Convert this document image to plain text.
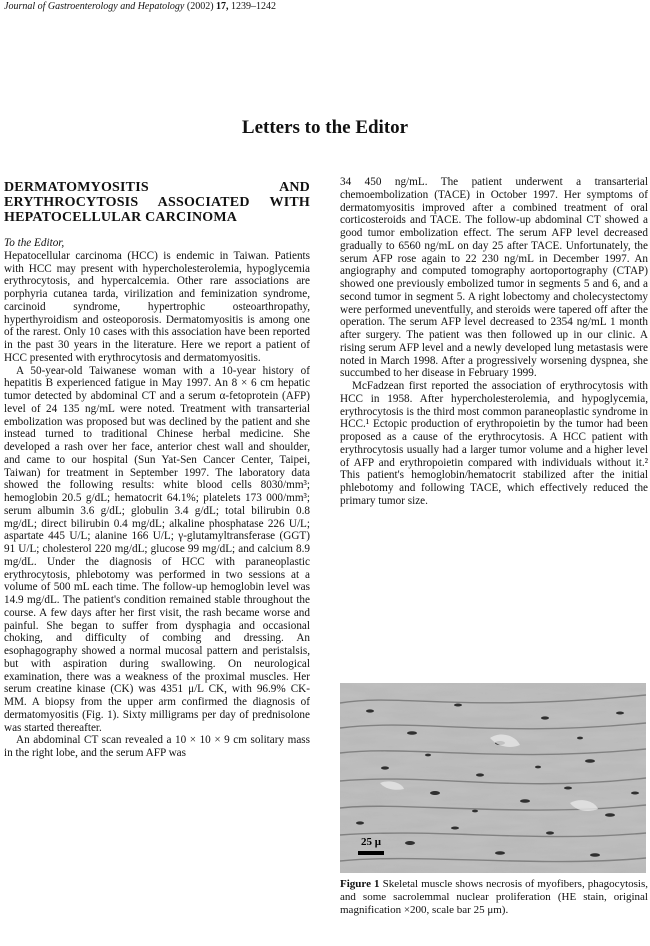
Journal of Gastroenterology and Hepatology (2002) 17, 1239–1242
Letters to the Editor
DERMATOMYOSITIS AND ERYTHROCYTOSIS ASSOCIATED WITH HEPATOCELLULAR CARCINOMA

To the Editor,

Hepatocellular carcinoma (HCC) is endemic in Taiwan. Patients with HCC may present with hypercholesterolemia, hypoglycemia erythrocytosis, and hypercalcemia. Other rare associations are porphyria cutanea tarda, virilization and feminization syndrome, carcinoid syndrome, hypertrophic osteoarthropathy, hyperthyroidism and osteoporosis. Dermatomyositis is among one of the rarest. Only 10 cases with this association have been reported in the past 30 years in the literature. Here we report a patient of HCC presented with erythrocytosis and dermatomyositis.

A 50-year-old Taiwanese woman with a 10-year history of hepatitis B experienced fatigue in May 1997. An 8 × 6 cm hepatic tumor detected by abdominal CT and a serum α-fetoprotein (AFP) level of 24 135 ng/mL were noted. Treatment with transarterial embolization was proposed but was declined by the patient and she instead turned to traditional Chinese herbal medicine. She developed a rash over her face, anterior chest wall and shoulder, and came to our hospital (Sun Yat-Sen Cancer Center, Taipei, Taiwan) for treatment in September 1997. The laboratory data showed the following results: white blood cells 8030/mm³; hemoglobin 20.5 g/dL; hematocrit 64.1%; platelets 173 000/mm³; serum albumin 3.6 g/dL; globulin 3.4 g/dL; total bilirubin 0.8 mg/dL; direct bilirubin 0.4 mg/dL; alkaline phosphatase 226 U/L; aspartate 445 U/L; alanine 166 U/L; γ-glutamyltransferase (GGT) 91 U/L; cholesterol 220 mg/dL; glucose 99 mg/dL; and calcium 8.9 mg/dL. Under the diagnosis of HCC with paraneoplastic erythrocytosis, phlebotomy was performed in two sessions at a volume of 500 mL each time. The follow-up hemoglobin level was 14.9 mg/dL. The patient's condition remained stable throughout the course. A few days after her first visit, the rash became worse and painful. She began to suffer from dysphagia and occasional choking, and difficulty of combing and dressing. An esophagography showed a normal mucosal pattern and peristalsis, but with aspiration during swallowing. On neurological examination, there was a weakness of the proximal muscles. Her serum creatine kinase (CK) was 4351 μ/L CK, with 96.9% CK-MM. A biopsy from the upper arm confirmed the diagnosis of dermatomyositis (Fig. 1). Sixty milligrams per day of prednisolone was started thereafter.

An abdominal CT scan revealed a 10 × 10 × 9 cm solitary mass in the right lobe, and the serum AFP was

34 450 ng/mL. The patient underwent a transarterial chemoembolization (TACE) in October 1997. Her symptoms of dermatomyositis improved after a combined treatment of oral corticosteroids and TACE. The follow-up abdominal CT showed a good tumor embolization effect. The serum AFP level decreased gradually to 6560 ng/mL on day 25 after TACE. Unfortunately, the serum AFP rose again to 22 230 ng/mL in December 1997. An angiography and computed tomography aortoportography (CTAP) showed one previously embolized tumor in segments 5 and 6, and a second tumor in segment 5. A right lobectomy and cholecystectomy were performed uneventfully, and steroids were tapered off after the operation. The serum AFP level decreased to 2354 ng/mL 1 month after surgery. The patient was then followed up in our clinic. A rising serum AFP level and a newly developed lung metastasis were noted in March 1998. After a progressively worsening dyspnea, she succumbed to her disease in February 1999.

McFadzean first reported the association of erythrocytosis with HCC in 1958. After hypercholesterolemia, and hypoglycemia, erythrocytosis is the third most common paraneoplastic syndrome in HCC.¹ Ectopic production of erythropoietin by the tumor had been proposed as a cause of the erythrocytosis. A HCC patient with erythrocytosis usually had a larger tumor volume and a higher level of AFP and erythropoietin compared with individuals without it.² This patient's hemoglobin/hematocrit stabilized after the initial phlebotomy and following TACE, which effectively reduced the primary tumor size.

25 μ
Figure 1 Skeletal muscle shows necrosis of myofibers, phagocytosis, and some sacrolemmal nuclear proliferation (HE stain, original magnification ×200, scale bar 25 μm).
